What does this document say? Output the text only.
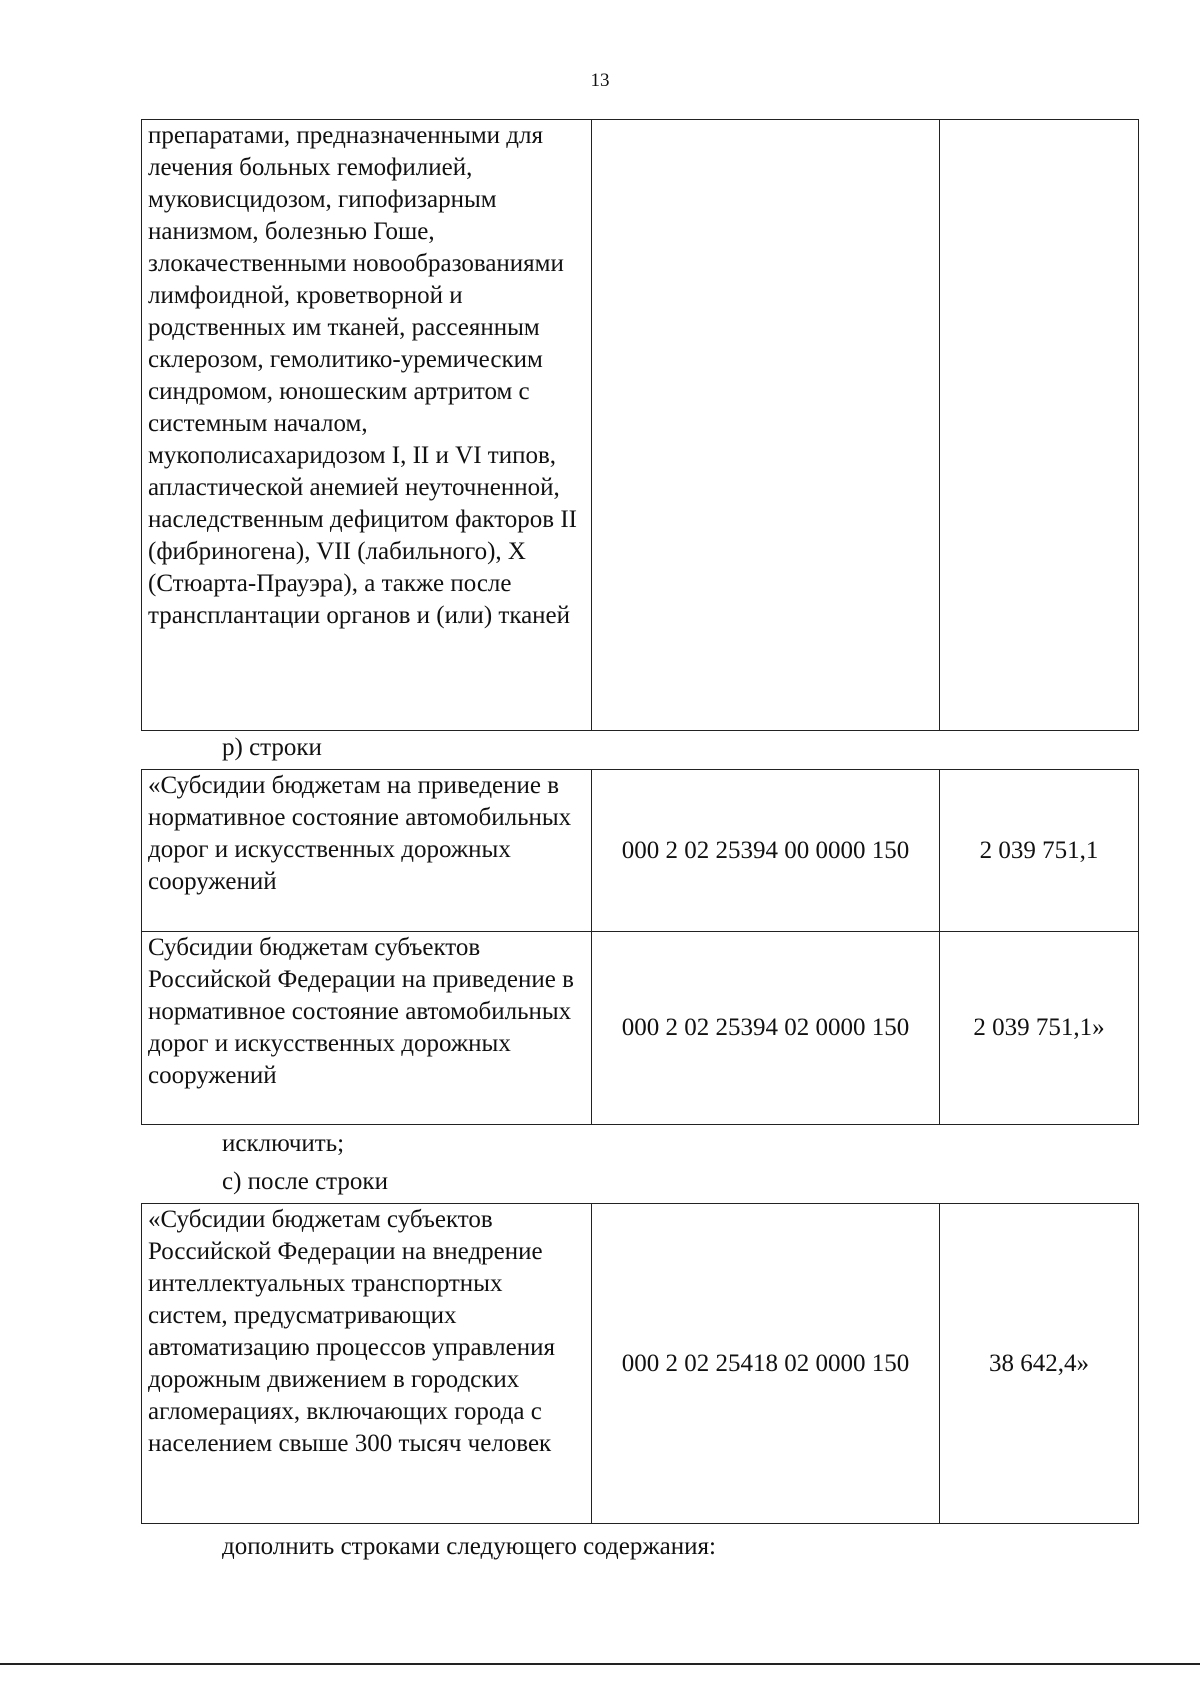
13
препаратами, предназначенными для лечения больных гемофилией, муковисцидозом, гипофизарным нанизмом, болезнью Гоше, злокачественными новообразованиями лимфоидной, кроветворной и родственных им тканей, рассеянным склерозом, гемолитико-уремическим синдромом, юношеским артритом с системным началом, мукополисахаридозом I, II и VI типов, апластической анемией неуточненной, наследственным дефицитом факторов II (фибриногена), VII (лабильного), X (Стюарта-Прауэра), а также после трансплантации органов и (или) тканей		
р) строки
«Субсидии бюджетам на приведение в нормативное состояние автомобильных дорог и искусственных дорожных сооружений	000 2 02 25394 00 0000 150	2 039 751,1
Субсидии бюджетам субъектов Российской Федерации на приведение в нормативное состояние автомобильных дорог и искусственных дорожных сооружений	000 2 02 25394 02 0000 150	2 039 751,1»
исключить;
с) после строки
«Субсидии бюджетам субъектов Российской Федерации на внедрение интеллектуальных транспортных систем, предусматривающих автоматизацию процессов управления дорожным движением в городских агломерациях, включающих города с населением свыше 300 тысяч человек	000 2 02 25418 02 0000 150	38 642,4»
дополнить строками следующего содержания:
